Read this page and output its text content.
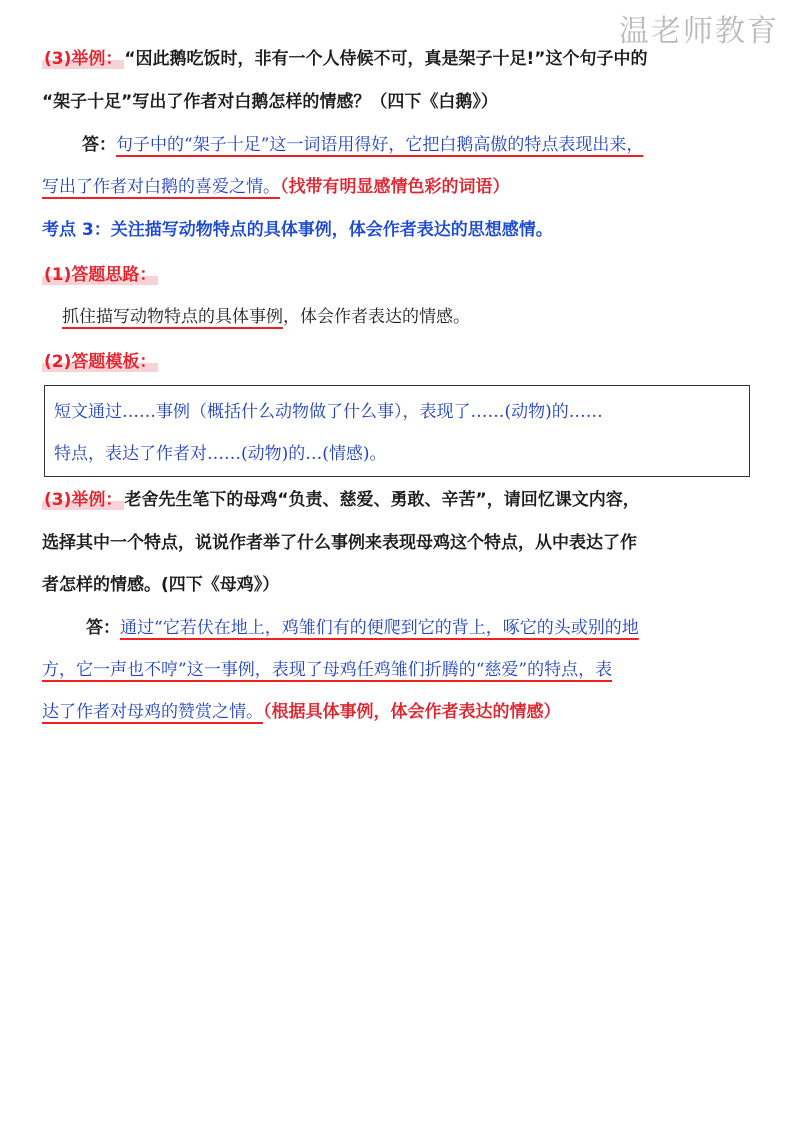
温老师教育
(3)举例： “因此鹅吃饭时，非有一个人侍候不可，真是架子十足!”这个句子中的
“架子十足”写出了作者对白鹅怎样的情感？（四下《白鹅》）
答：句子中的“架子十足”这一词语用得好，它把白鹅高傲的特点表现出来，
写出了作者对白鹅的喜爱之情。（找带有明显感情色彩的词语）
考点 3：关注描写动物特点的具体事例，体会作者表达的思想感情。
(1)答题思路：
抓住描写动物特点的具体事例，体会作者表达的情感。
(2)答题模板：
短文通过……事例（概括什么动物做了什么事），表现了……(动物)的……
特点，表达了作者对……(动物)的…(情感)。
(3)举例： 老舍先生笔下的母鸡“负责、慈爱、勇敢、辛苦”，请回忆课文内容，
选择其中一个特点，说说作者举了什么事例来表现母鸡这个特点，从中表达了作
者怎样的情感。(四下《母鸡》）
答：通过“它若伏在地上，鸡雏们有的便爬到它的背上，啄它的头或别的地
方，它一声也不哼”这一事例，表现了母鸡任鸡雏们折腾的“慈爱”的特点，表
达了作者对母鸡的赞赏之情。（根据具体事例，体会作者表达的情感）
